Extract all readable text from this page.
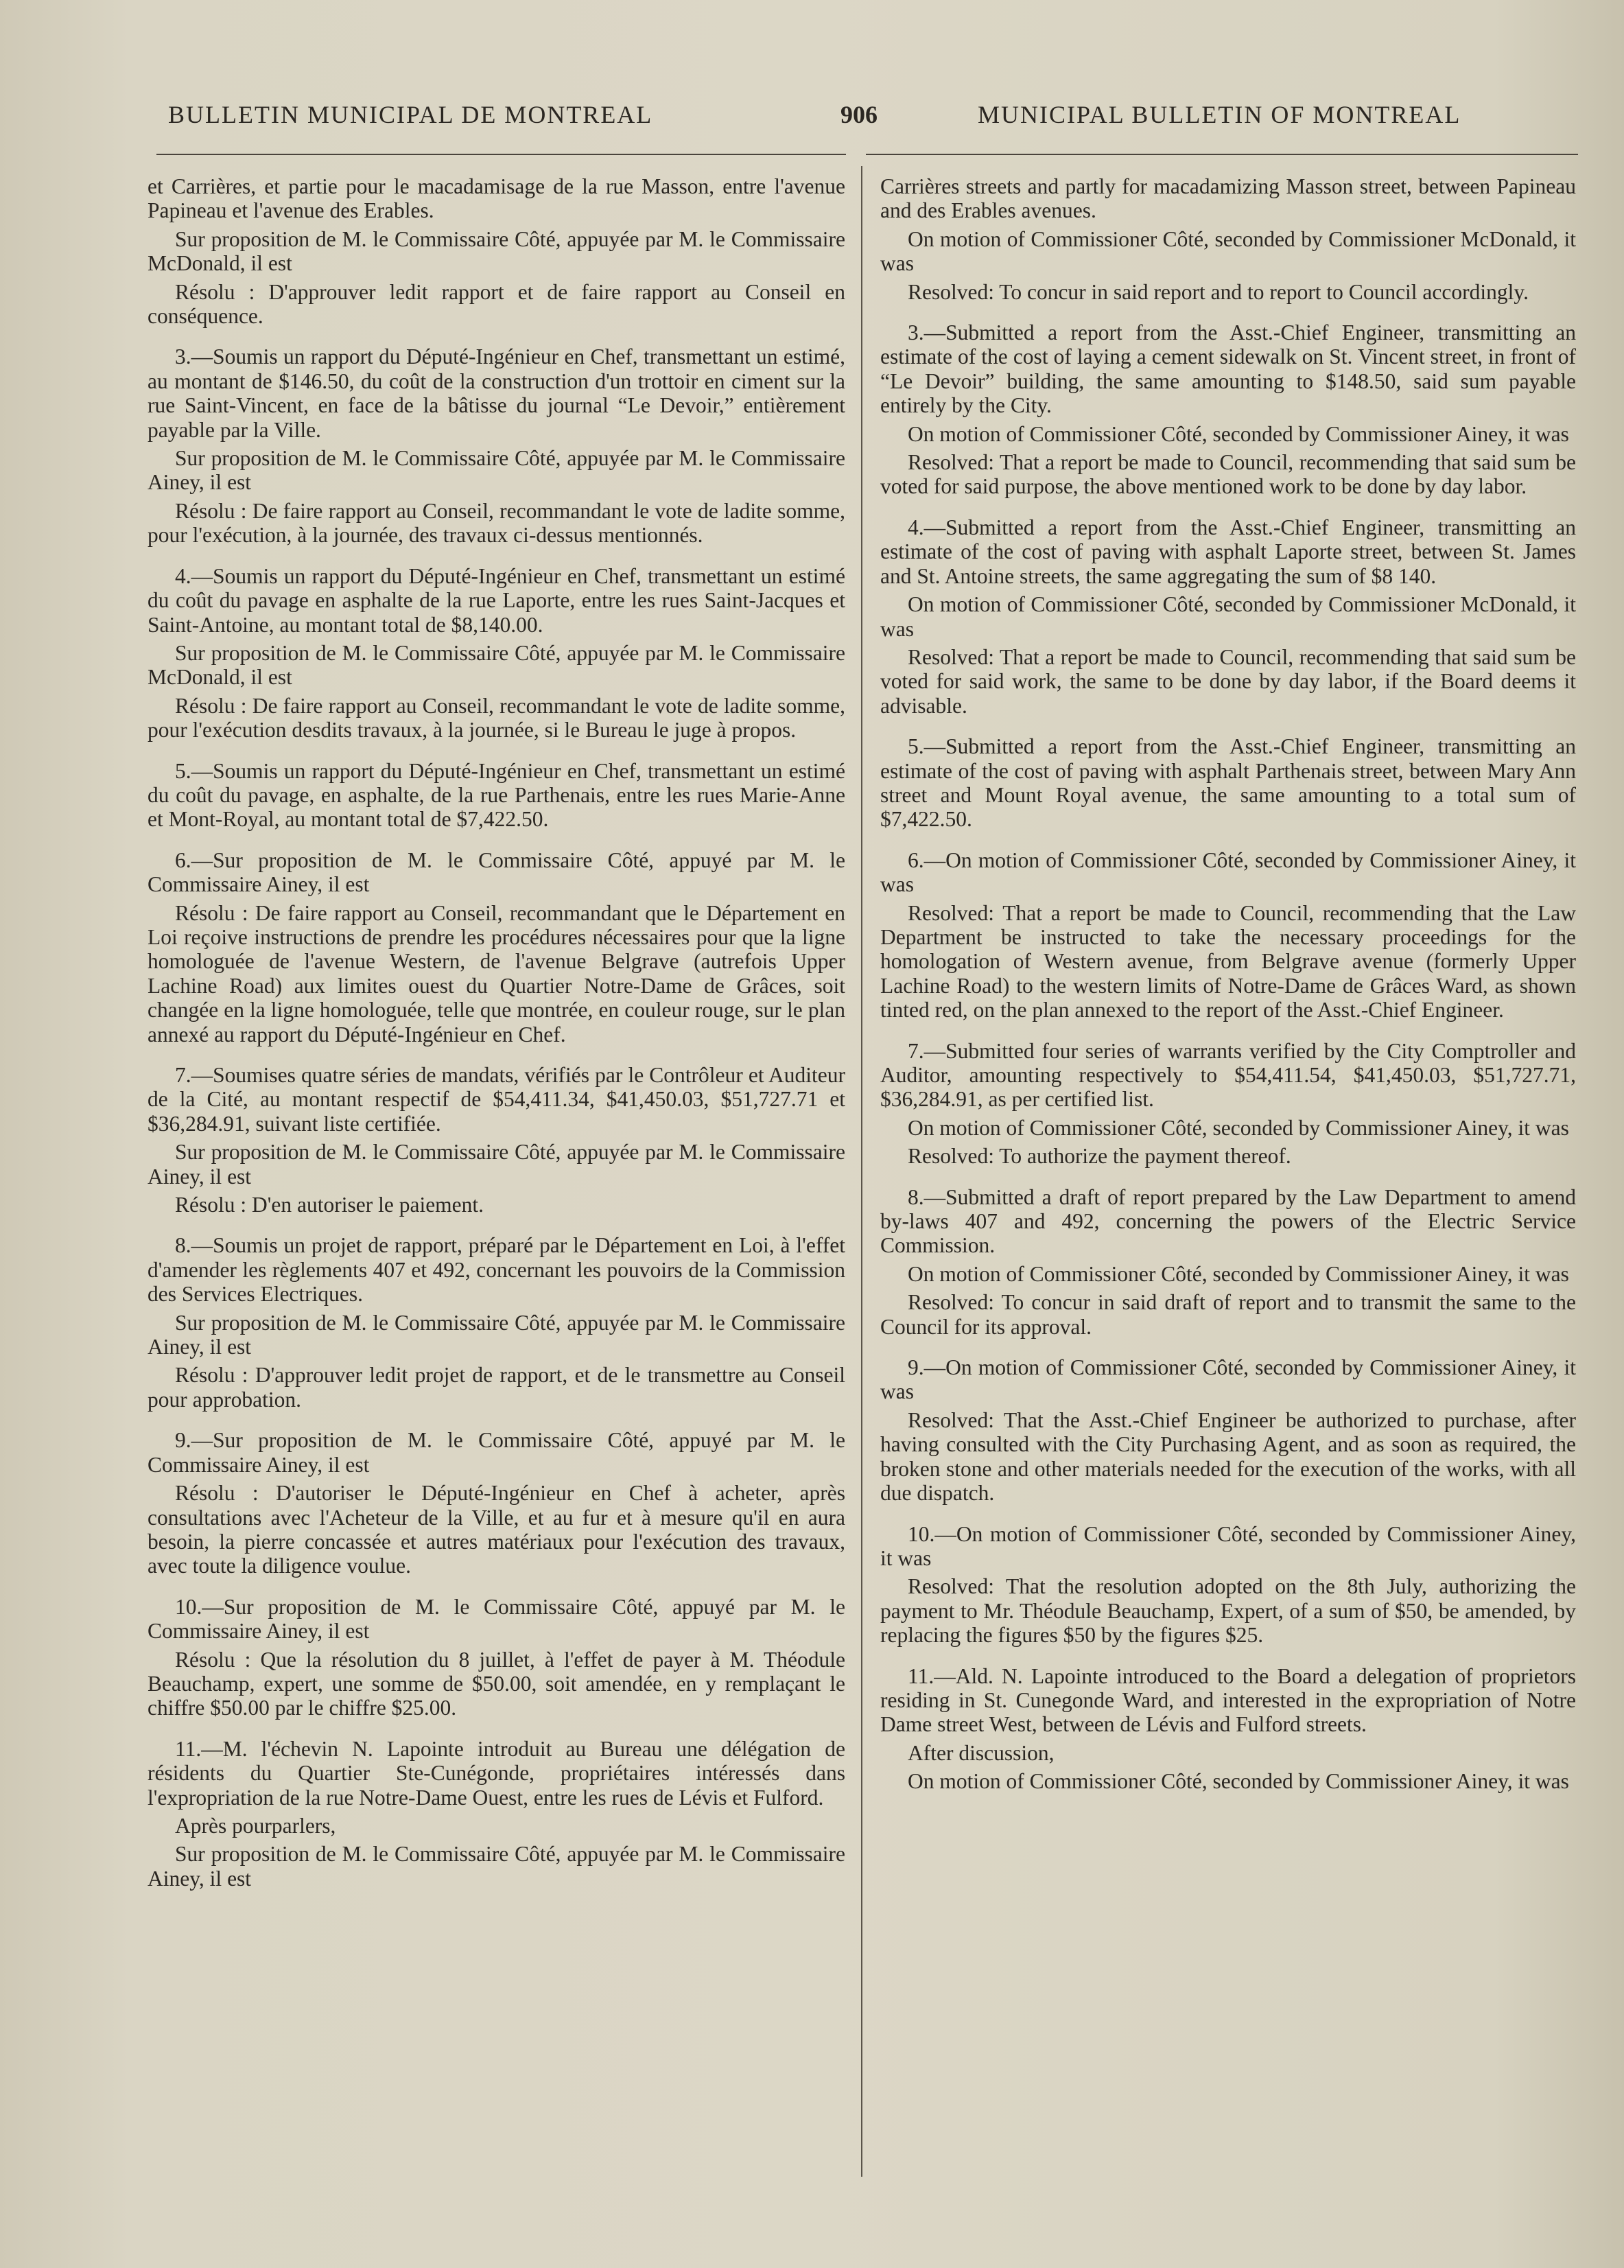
BULLETIN MUNICIPAL DE MONTREAL	906	MUNICIPAL BULLETIN OF MONTREAL

et Carrières, et partie pour le macadamisage de la rue Masson, entre l'avenue Papineau et l'avenue des Erables.

Sur proposition de M. le Commissaire Côté, appuyée par M. le Commissaire McDonald, il est

Résolu : D'approuver ledit rapport et de faire rapport au Conseil en conséquence.

3.—Soumis un rapport du Député-Ingénieur en Chef, transmettant un estimé, au montant de $146.50, du coût de la construction d'un trottoir en ciment sur la rue Saint-Vincent, en face de la bâtisse du journal “Le Devoir,” entièrement payable par la Ville.

Sur proposition de M. le Commissaire Côté, appuyée par M. le Commissaire Ainey, il est

Résolu : De faire rapport au Conseil, recommandant le vote de ladite somme, pour l'exécution, à la journée, des travaux ci-dessus mentionnés.

4.—Soumis un rapport du Député-Ingénieur en Chef, transmettant un estimé du coût du pavage en asphalte de la rue Laporte, entre les rues Saint-Jacques et Saint-Antoine, au montant total de $8,140.00.

Sur proposition de M. le Commissaire Côté, appuyée par M. le Commissaire McDonald, il est

Résolu : De faire rapport au Conseil, recommandant le vote de ladite somme, pour l'exécution desdits travaux, à la journée, si le Bureau le juge à propos.

5.—Soumis un rapport du Député-Ingénieur en Chef, transmettant un estimé du coût du pavage, en asphalte, de la rue Parthenais, entre les rues Marie-Anne et Mont-Royal, au montant total de $7,422.50.

6.—Sur proposition de M. le Commissaire Côté, appuyé par M. le Commissaire Ainey, il est

Résolu : De faire rapport au Conseil, recommandant que le Département en Loi reçoive instructions de prendre les procédures nécessaires pour que la ligne homologuée de l'avenue Western, de l'avenue Belgrave (autrefois Upper Lachine Road) aux limites ouest du Quartier Notre-Dame de Grâces, soit changée en la ligne homologuée, telle que montrée, en couleur rouge, sur le plan annexé au rapport du Député-Ingénieur en Chef.

7.—Soumises quatre séries de mandats, vérifiés par le Contrôleur et Auditeur de la Cité, au montant respectif de $54,411.34, $41,450.03, $51,727.71 et $36,284.91, suivant liste certifiée.

Sur proposition de M. le Commissaire Côté, appuyée par M. le Commissaire Ainey, il est

Résolu : D'en autoriser le paiement.

8.—Soumis un projet de rapport, préparé par le Département en Loi, à l'effet d'amender les règlements 407 et 492, concernant les pouvoirs de la Commission des Services Electriques.

Sur proposition de M. le Commissaire Côté, appuyée par M. le Commissaire Ainey, il est

Résolu : D'approuver ledit projet de rapport, et de le transmettre au Conseil pour approbation.

9.—Sur proposition de M. le Commissaire Côté, appuyé par M. le Commissaire Ainey, il est

Résolu : D'autoriser le Député-Ingénieur en Chef à acheter, après consultations avec l'Acheteur de la Ville, et au fur et à mesure qu'il en aura besoin, la pierre concassée et autres matériaux pour l'exécution des travaux, avec toute la diligence voulue.

10.—Sur proposition de M. le Commissaire Côté, appuyé par M. le Commissaire Ainey, il est

Résolu : Que la résolution du 8 juillet, à l'effet de payer à M. Théodule Beauchamp, expert, une somme de $50.00, soit amendée, en y remplaçant le chiffre $50.00 par le chiffre $25.00.

11.—M. l'échevin N. Lapointe introduit au Bureau une délégation de résidents du Quartier Ste-Cunégonde, propriétaires intéressés dans l'expropriation de la rue Notre-Dame Ouest, entre les rues de Lévis et Fulford.

Après pourparlers,

Sur proposition de M. le Commissaire Côté, appuyée par M. le Commissaire Ainey, il est

Carrières streets and partly for macadamizing Masson street, between Papineau and des Erables avenues.

On motion of Commissioner Côté, seconded by Commissioner McDonald, it was

Resolved: To concur in said report and to report to Council accordingly.

3.—Submitted a report from the Asst.-Chief Engineer, transmitting an estimate of the cost of laying a cement sidewalk on St. Vincent street, in front of “Le Devoir” building, the same amounting to $148.50, said sum payable entirely by the City.

On motion of Commissioner Côté, seconded by Commissioner Ainey, it was

Resolved: That a report be made to Council, recommending that said sum be voted for said purpose, the above mentioned work to be done by day labor.

4.—Submitted a report from the Asst.-Chief Engineer, transmitting an estimate of the cost of paving with asphalt Laporte street, between St. James and St. Antoine streets, the same aggregating the sum of $8 140.

On motion of Commissioner Côté, seconded by Commissioner McDonald, it was

Resolved: That a report be made to Council, recommending that said sum be voted for said work, the same to be done by day labor, if the Board deems it advisable.

5.—Submitted a report from the Asst.-Chief Engineer, transmitting an estimate of the cost of paving with asphalt Parthenais street, between Mary Ann street and Mount Royal avenue, the same amounting to a total sum of $7,422.50.

6.—On motion of Commissioner Côté, seconded by Commissioner Ainey, it was

Resolved: That a report be made to Council, recommending that the Law Department be instructed to take the necessary proceedings for the homologation of Western avenue, from Belgrave avenue (formerly Upper Lachine Road) to the western limits of Notre-Dame de Grâces Ward, as shown tinted red, on the plan annexed to the report of the Asst.-Chief Engineer.

7.—Submitted four series of warrants verified by the City Comptroller and Auditor, amounting respectively to $54,411.54, $41,450.03, $51,727.71, $36,284.91, as per certified list.

On motion of Commissioner Côté, seconded by Commissioner Ainey, it was

Resolved: To authorize the payment thereof.

8.—Submitted a draft of report prepared by the Law Department to amend by-laws 407 and 492, concerning the powers of the Electric Service Commission.

On motion of Commissioner Côté, seconded by Commissioner Ainey, it was

Resolved: To concur in said draft of report and to transmit the same to the Council for its approval.

9.—On motion of Commissioner Côté, seconded by Commissioner Ainey, it was

Resolved: That the Asst.-Chief Engineer be authorized to purchase, after having consulted with the City Purchasing Agent, and as soon as required, the broken stone and other materials needed for the execution of the works, with all due dispatch.

10.—On motion of Commissioner Côté, seconded by Commissioner Ainey, it was

Resolved: That the resolution adopted on the 8th July, authorizing the payment to Mr. Théodule Beauchamp, Expert, of a sum of $50, be amended, by replacing the figures $50 by the figures $25.

11.—Ald. N. Lapointe introduced to the Board a delegation of proprietors residing in St. Cunegonde Ward, and interested in the expropriation of Notre Dame street West, between de Lévis and Fulford streets.

After discussion,

On motion of Commissioner Côté, seconded by Commissioner Ainey, it was
